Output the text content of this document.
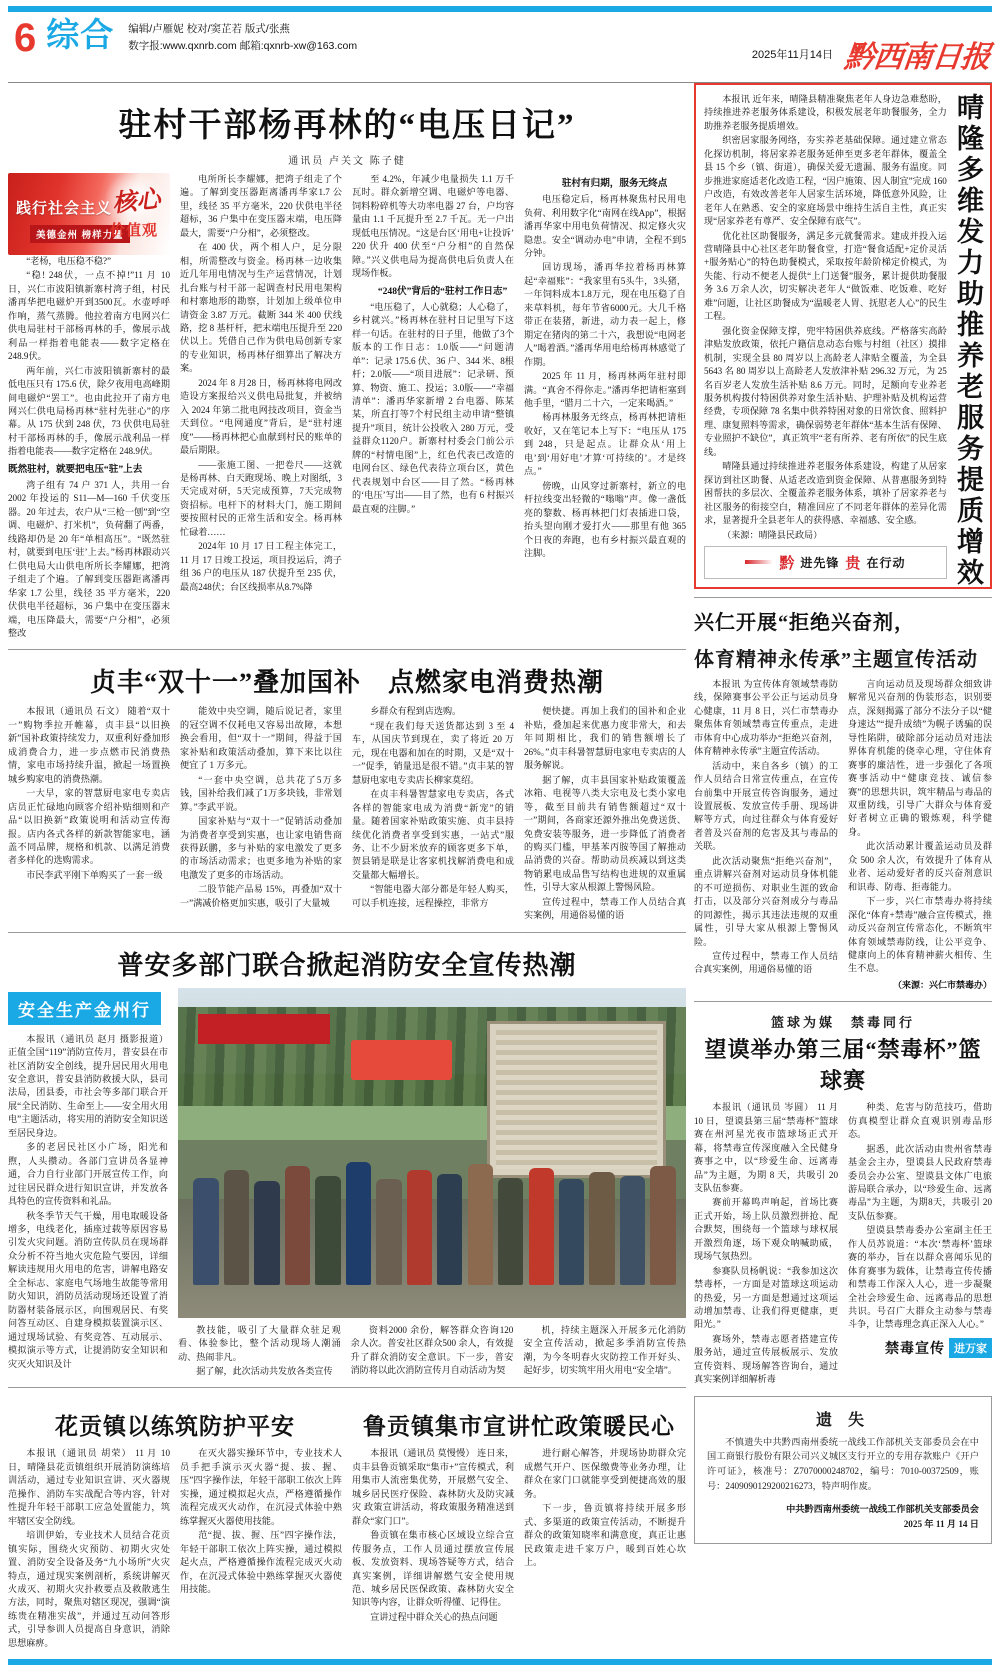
6 综合 编辑/卢雁妮 校对/窦芷若 版式/张燕
数字报:www.qxnrb.com 邮箱:qxnrb-xw@163.com
2025年11月14日 黔西南日报
驻村干部杨再林的“电压日记”
通讯员 卢关文 陈子健
践行社会主义
美德金州 榜样力量
核心
价值观

“老杨，电压稳不稳?”

“稳! 248伏，一点不掉!”11 月 10 日，兴仁市波阳镇新寨村湾子组，村民潘再华把电磁炉开到3500瓦。水壶呼呼作响，蒸气蒸腾。他拉着南方电网兴仁供电局驻村干部杨再林的手，像展示战利品一样指着电能表——数字定格在 248.9伏。

两年前，兴仁市波阳镇新寨村的最低电压只有 175.6 伏，除夕夜用电高峰期间电磁炉“罢工”。也由此拉开了南方电网兴仁供电局杨再林“驻村先驻心”的序幕。从 175 伏到 248 伏，73 伏供电局驻村干部杨再林的手，像展示战利品一样指着电能表——数字定格在 248.9伏。

既然驻村，就要把电压“驻”上去

湾子组有 74 户 371 人，共用一台 2002 年投运的 S11—M—160 千伏变压器。20 年过去，农户从“三枪一刨”到“空调、电磁炉、打米机”，负荷翻了两番，线路却仍是 20 年“单相高压”。“既然驻村，就要到电压‘驻’上去。”杨再林跟动兴仁供电局大山供电所所长李耀娜，把湾子组走了个遍。了解到变压器距离潘再华家 1.7 公里，线径 35 平方毫米，220 伏供电半径超标，36 户集中在变压器末端，电压降最大，需要“户分相”，必须整改

电所所长李耀娜，把湾子组走了个遍。了解到变压器距离潘再华家1.7 公里，线径 35 平方毫米，220 伏供电半径超标，36 户集中在变压器末端，电压降最大，需要“户分相”，必须整改。

在 400 伏，两个相人户，足分限相，所需整改与资金。杨再林一边收集近几年用电情况与生产运营情况，计划扎台账与村干部一起调查村民用电架构和村寨地形的勘察，计划加上级单位申请资金 3.87 万元。截断 344 米 400 伏线路，挖 8 基杆杆，把末端电压提升至 220 伏以上。凭借自己作为供电局创新专家的专业知识，杨再林仔细算出了解决方案。

2024 年 8 月28 日，杨再林将电网改造设方案报给兴义供电局批复，并被纳入 2024 年第二批电网技改项目，资金当天到位。“电网通度”背后，是“驻村速度”——杨再林把心血献到村民的账单的最后期限。

——张施工图、一把卷尺——这就是杨再林、白天跑现场、晚上对图纸，3天完成对研，5天完成预算，7天完成物资招标。电杆下的材料大门，施工期间要按照村民的正常生活和安全。杨再林忙碌着……

2024年 10 月 17 日工程主体完工，11 月 17 日竣工投运，项目投运后，湾子组 36 户的电压从 187 伏提升至 235 伏，最高248伏；台区线损率从8.7%降

至 4.2%，年减少电量损失 1.1 万千瓦时。群众新增空调、电磁炉等电器、饲料粉碎机等大功率电器 27 台，户均容量由 1.1 千瓦提升至 2.7 千瓦。无一户出现低电压情况。“这是台区‘用电+让投诉’ 220 伏升 400 伏至“户分相”的自然保障。”兴义供电局为提高供电后负责人在现场作板。

“248伏”背后的“驻村工作日志”

“电压稳了，人心就稳；人心稳了，乡村就兴。”杨再林在驻村日记里写下这样一句话。在驻村的日子里，他做了3个版本的工作日志：1.0版——“问题清单”：记录 175.6 伏、36 户、344 米、8根杆；2.0版——“项目进展”：记录研、预算、物资、施工、投运；3.0版——“幸福清单”：潘再华家新增 2 台电器、陈某某，所直打等7个村民组主动申请“整镇提升”项目，统计公投收入 280 万元，受益群众1120户。新寨村村委会门前公示牌的“村情电图”上，红色代表已改造的电网台区、绿色代表待立项台区，黄色代表规划中台区——目了然。“杨再林的‘电压’写出——目了然，也有 6 村振兴最直观的注脚。”

驻村有归期，服务无终点

电压稳定后，杨再林聚焦村民用电负荷、利用数字化“南网在线App”，根据潘再华家中用电负荷情况、拟定修火灾隐患。安全“调动办电”申请，全程不到5 分钟。

回访现场，潘再华拉着杨再林算起“幸福账”：“我家里有5头牛，3头猪，一年饲料成本1.8万元，现在电压稳了自来草料机，每年节省6000元。大几千格带正在装猪，新进，动力表一起上，修期定在猪肉的第二十六，我想说“电网老人”喝着酒。”潘再华用电给杨再林感觉了作期。

2025 年 11 月，杨再林两年驻村即满。“真舍不得你走。”潘再华把请柜塞到他手里，“腊月二十六，一定来喝酒。”

杨再林服务无终点，杨再林把请柜收好，又在笔记本上写下：“电压从 175 到 248，只是起点。让群众从‘用上电’到‘用好电’才算‘可持续的’。才是终点。”

傍晚，山风穿过新寨村，新立的电杆拉线变出轻微的“嗡嗡”声。像一盏低亮的黎数、杨再林把门灯表插进口袋，抬头望向刚才爱打火——那里有他 365 个日夜的奔跑，也有乡村振兴最直观的注脚。

贞丰“双十一”叠加国补　点燃家电消费热潮

本报讯（通讯员 石文） 随着“双十一”购物季拉开帷幕，贞丰县“以旧换新”国补政策持续发力，双重利好叠加形成消费合力，进一步点燃市民消费热情，家电市场持续升温，掀起一场置换城乡购家电的消费热潮。

一大早，家的智慧厨电家电专卖店店员正忙碌地向顾客介绍补贴细则和产品“以旧换新”政策说明和活动宣传海报。店内各式各样的新款智能家电，涵盖不同品牌，规格和机款、以满足消费者多样化的选购需求。

市民李武平刚下单购买了一套一级

能效中央空调，随后说记者，家里的冠空调不仅耗电又容易出故障，本想换会看用，但“双十一”期间，得益于国家补贴和政策活动叠加，算下来比以往便宜了 1 万多元。

“一套中央空调，总共花了5万多钱，国补给我们减了1万多块钱，非常划算。”李武平说。

国家补贴与“双十一”促销活动叠加为消费者享受到实惠，也让家电销售商获得跃鹏，多与补贴的家电激发了更多的市场活动需求；也更多地为补贴的家电激发了更多的市场活动。

二股节能产品易 15%，再叠加“双十一”满减价格更加实惠，吸引了大量城

乡群众有程到店选购。

“现在我们每天送货都达到 3 至 4 车，从国庆节到现在，卖了将近 20 万元，现在电器和加在的时期，又是“双十一”促季，销量迅是很不错。”贞丰某的智慧厨电家电专卖店长柳家莫绍。

在贞丰科暑智慧家电专卖店，各式各样的智能家电成为消费“新宠”的销量。随着国家补贴政策实施、贞丰县持续优化消费者享受到实惠，一站式”服务、让不少厨米放弃的顾客更多下单，贺县销是联是让客家机找解消费电和成交量都大幅增长。

“智能电器大部分都是年轻人购买，可以手机连接，远程操控，非常方

便快捷。再加上我们的国补和企业补贴，叠加起来优惠力度非常大，和去年同期相比，我们的销售额增长了26%。”贞丰科暑智慧厨电家电专卖店的人服务解说。

据了解，贞丰县国家补贴政策覆盖冰箱、电视等八类大宗电及七类小家电等，截至目前共有销售额超过“双十一”期间，各商家还源外推出免费送货、免费安装等服务，进一步降低了消费者的购买门槛，甲基苯丙胺等国了解推动品消费的兴奋。帮助动员疾减以到这类物销累电成品售写结构也进规的双重属性，引导大家从根源上警惕风险。

宣传过程中，禁毒工作人员结合真实案例，用通俗易懂的语

普安多部门联合掀起消防安全宣传热潮
安全生产金州行

本报讯（通讯员 赵月 摄影报道） 正值全国“119”消防宣传月，普安县在市社区消防安全创线，提升居民用火用电安全意识，普安县消防救援大队，县司法局，团县委，市社会等多部门联合开展“全民消防、生命至上——安全用火用电”主题活动，将实用的消防安全知识送至居民身边。

多的老居民社区小广场，阳光和煦，人头攒动。各部门宣讲员各显神通，合力自行业部门开展宣传工作，向过往居民群众进行知识宣讲，并发放各具特色的宣传资料和礼品。

秋冬季节天气干燥，用电取暖设备增多，电线老化，插座过载等原因容易引发火灾问题。消防宣传队员在现场群众分析不符当地火灾危险气要因，详细解读违规用火用电的危害，讲解电路安全全标志、家庭电气场地生故能等常用防火知识，消防员活动现场还设置了消防器材装备展示区，向围观居民、有奖问答互动区、自建身模拟装置演示区、通过现场试验、有奖竞答、互动展示、模拟演示等方式，让提消防安全知识和灾灭火知识及计

教技能，吸引了大量群众驻足观看、体验参比，整个活动现场人潮涌动、热闹非凡。

据了解，此次活动共发放各类宣传

资料2000 余份，解答群众咨询120 余人次。普安社区群众500 余人，有效提升了群众消防安全意识。下一步，普安消防将以此次消防宣传月自动活动为契

机，持续主题深入开展多元化消防安全宣传活动，掀起多季消防宣传热潮，为今冬明春火灾防控工作开好头、起好步，切实筑牢用火用电“安全墙”。

花贡镇以练筑防护平安

本报讯（通讯员 胡荣） 11 月 10日，晴隆县花贡镇组织开展消防演练培训活动，通过专业知识宣讲、灭火器规范操作、消防车实战配合等内容，针对性提升年轻干部职工应急处置能力，筑牢辖区安全防线。

培训伊始，专业技术人员结合花贡镇实际，围绕火灾预防、初期火灾处置、消防安全设备及务“九小场所”火灾特点，通过现实案例剖析，系统讲解灭火成灭、初期火灾扑救要点及救散逃生方法，同时，聚焦对辖区现况，强调“演练贵在精准实战”，并通过互动问答形式，引导参训人员提高自身意识，消除思想麻痹。

在灭火器实操环节中，专业技术人员手把手演示灭火器“提、拔、握、压”四字操作法，年轻干部职工依次上阵实操，通过模拟起火点，严格遵循操作流程完成灭火动作，在沉浸式体验中熟练掌握灭火器使用技能。

范“提、拔、握、压”四字操作法，年轻干部职工依次上阵实操，通过模拟起火点，严格遵循操作流程完成灭火动作，在沉浸式体验中熟练掌握灭火器使用技能。

鲁贡镇集市宣讲忙政策暖民心

本报讯（通讯员 莫慢慢） 连日来，贞丰县鲁贡镇采取“集市+”宣传模式，利用集市人流密集优势，开展燃气安全、城乡居民医疗保险、森林防火及防灾减灾 政策宣讲活动，将政策服务精准送到群众“家门口”。

鲁贡镇在集市核心区域设立综合宣传服务点，工作人员通过摆放宣传展板、发放资料、现场答疑等方式，结合真实案例，详细讲解燃气安全使用规范、城乡居民医保政策、森林防火安全知识等内容，让群众听得懂、记得住。

宣讲过程中群众关心的热点问题

进行耐心解答，并现场协助群众完成燃气开户、医保缴费等业务办理，让群众在家门口就能享受到便捷高效的服务。

下一步，鲁贡镇将持续开展多形式、多渠道的政策宣传活动，不断提升群众的政策知晓率和满意度，真正让惠民政策走进千家万户，暖到百姓心坎上。

本报讯 近年来，晴隆县精准聚焦老年人身边急难愁盼，持续推进养老服务体系建设，积极发展老年助餐服务，全力助推养老服务提质增效。

织密居家服务网络，夯实养老基础保障。通过建立常态化探访机制，将居家养老服务延伸至更多老年群体，覆盖全县 15 个乡（镇、街道），确保关爱无遗漏、服务有温度。同步推进家庭适老化改造工程，“因户施策、因人制宜”完成 160 户改造，有效改善老年人居家生活环境，降低意外风险，让老年人在熟悉、安全的家庭场景中维持生活自主性，真正实现“居家养老有尊严、安全保障有底气”。

优化社区助餐服务，满足多元就餐需求。建成并投入运营晴隆县中心社区老年助餐食堂，打造“餐食适配+定价灵活+服务贴心”的特色助餐模式，采取按年龄阶梯定价模式，为失能、行动不便老人提供“上门送餐”服务，累计提供助餐服务 3.6 万余人次，切实解决老年人“做饭难、吃饭难、吃好难”问题，让社区助餐成为“温暖老人胃、抚慰老人心”的民生工程。

强化资金保障支撑，兜牢特困供养底线。严格落实高龄津贴发放政策，依托户籍信息动态台账与村组（社区）摸排机制，实现全县 80 周岁以上高龄老人津贴全覆盖，为全县 5643 名 80 周岁以上高龄老人发放津补贴 296.32 万元，为 25 名百岁老人发放生活补贴 8.6 万元。同时，足额向专业养老服务机构拨付特困供养对象生活补贴、护理补贴及机构运营经费，专项保障 78 名集中供养特困对象的日常饮食、照料护理、康复照料等需求，确保弱势老年群体“基本生活有保障、专业照护不缺位”，真正筑牢“老有所养、老有所依”的民生底线。

晴隆县通过持续推进养老服务体系建设，构建了从居家探访到社区助餐、从适老改造到资金保障、从普惠服务到特困帮扶的多层次、全覆盖养老服务体系，填补了居家养老与社区服务的衔接空白，精准回应了不同老年群体的差异化需求，显著提升全县老年人的获得感、幸福感、安全感。

（来源：晴隆县民政局）

黔 进先锋 贵 在行动 晴隆多维发力助推养老服务提质增效
兴仁开展“拒绝兴奋剂，
体育精神永传承”主题宣传活动

本报讯 为宣传体育领域禁毒防线，保障赛事公平公正与运动员身心健康，11 月 8 日，兴仁市禁毒办聚焦体育领域禁毒宣传重点，走进市体育中心成功举办“拒绝兴奋剂，体育精神永传承”主题宣传活动。

活动中，来自各乡（镇）的工作人员结合日常宣传重点，在宣传台前集中开展宣传咨询服务，通过设置展板、发放宣传手册、现场讲解等方式，向过往群众与体育爱好者普及兴奋剂的危害及其与毒品的关联。

此次活动聚焦“拒绝兴奋剂”，重点讲解兴奋剂对运动员身体机能的不可逆损伤、对职业生涯的致命打击，以及部分兴奋剂成分与毒品的同源性，揭示其违法违规的双重属性，引导大家从根源上警惕风险。

宣传过程中，禁毒工作人员结合真实案例，用通俗易懂的语

言向运动员及现场群众细致讲解常见兴奋剂的伪装形态，识别要点，深刻揭露了部分不法分子以“健身速达”“提升成绩”为幌子诱骗的误导性陷阱，破除部分运动员对违法界体育机能的侥幸心理，守住体育赛事的廉洁性，进一步强化了各项赛事活动中“健康竞技、诚信参赛”的思想共识，筑牢精品与毒品的双重防线，引导广大群众与体育爱好者树立正确的锻炼观，科学健身。

此次活动累计覆盖运动员及群众 500 余人次，有效提升了体育从业者、运动爱好者的反兴奋剂意识和识毒、防毒、拒毒能力。

下一步，兴仁市禁毒办将持续深化“体育+禁毒”融合宣传模式，推动反兴奋剂宣传常态化，不断筑牢体育领域禁毒防线，让公平竞争、健康向上的体育精神薪火相传、生生不息。

（来源：兴仁市禁毒办）

篮球为媒　禁毒同行
望谟举办第三届“禁毒杯”篮球赛

本报讯（通讯员 岑圆） 11 月 10 日，望谟县第三届“禁毒杯”篮球赛在州河星光夜市篮球场正式开幕，将禁毒宣传深度融入全民健身赛事之中，以“珍爱生命、远离毒品”为主题，为期 8 天，共吸引 20 支队伍参赛。

赛前开幕鸣声响起，首场比赛正式开始，场上队员激烈拼抢、配合默契，围绕每一个篮球与球权展开激烈角逐，场下观众呐喊助威，现场气氛热烈。

参赛队员杨帆说：“我参加这次禁毒杯，一方面是对篮球这项运动的热爱，另一方面是想通过这项运动增加禁毒、让我们得更健康，更阳光。”

赛场外，禁毒志愿者搭建宣传服务站，通过宣传展板展示、发放宣传资料、现场解答咨询台，通过真实案例详细解析毒

种类、危害与防范技巧，借助仿真模型让群众直观识别毒品形态。

据悉，此次活动由贵州省禁毒基金会主办，望谟县人民政府禁毒委员会办公室、望谟县文体广电旅游局联合承办，以“珍爱生命、远离毒品”为主题，为期8天，共吸引 20 支队伍参赛。

望谟县禁毒委办公室副主任王作人员苏说道：“本次‘禁毒杯’篮球赛的举办，旨在以群众喜闻乐见的体育赛事为载体，让禁毒宣传传播和禁毒工作深入人心，进一步凝聚全社会珍爱生命、远离毒品的思想共识。号召广大群众主动参与禁毒斗争，让禁毒理念真正深入人心。”

禁毒宣传 进万家
遗 失
不慎遗失中共黔西南州委统一战线工作部机关支部委员会在中国工商银行股份有限公司兴义城区支行开立的专用存款账户《开户许可证》，核准号：Z7070000248702，编号：7010-00372509，账号：2409090129200216273，特声明作废。
中共黔西南州委统一战线工作部机关支部委员会
2025 年 11 月 14 日
